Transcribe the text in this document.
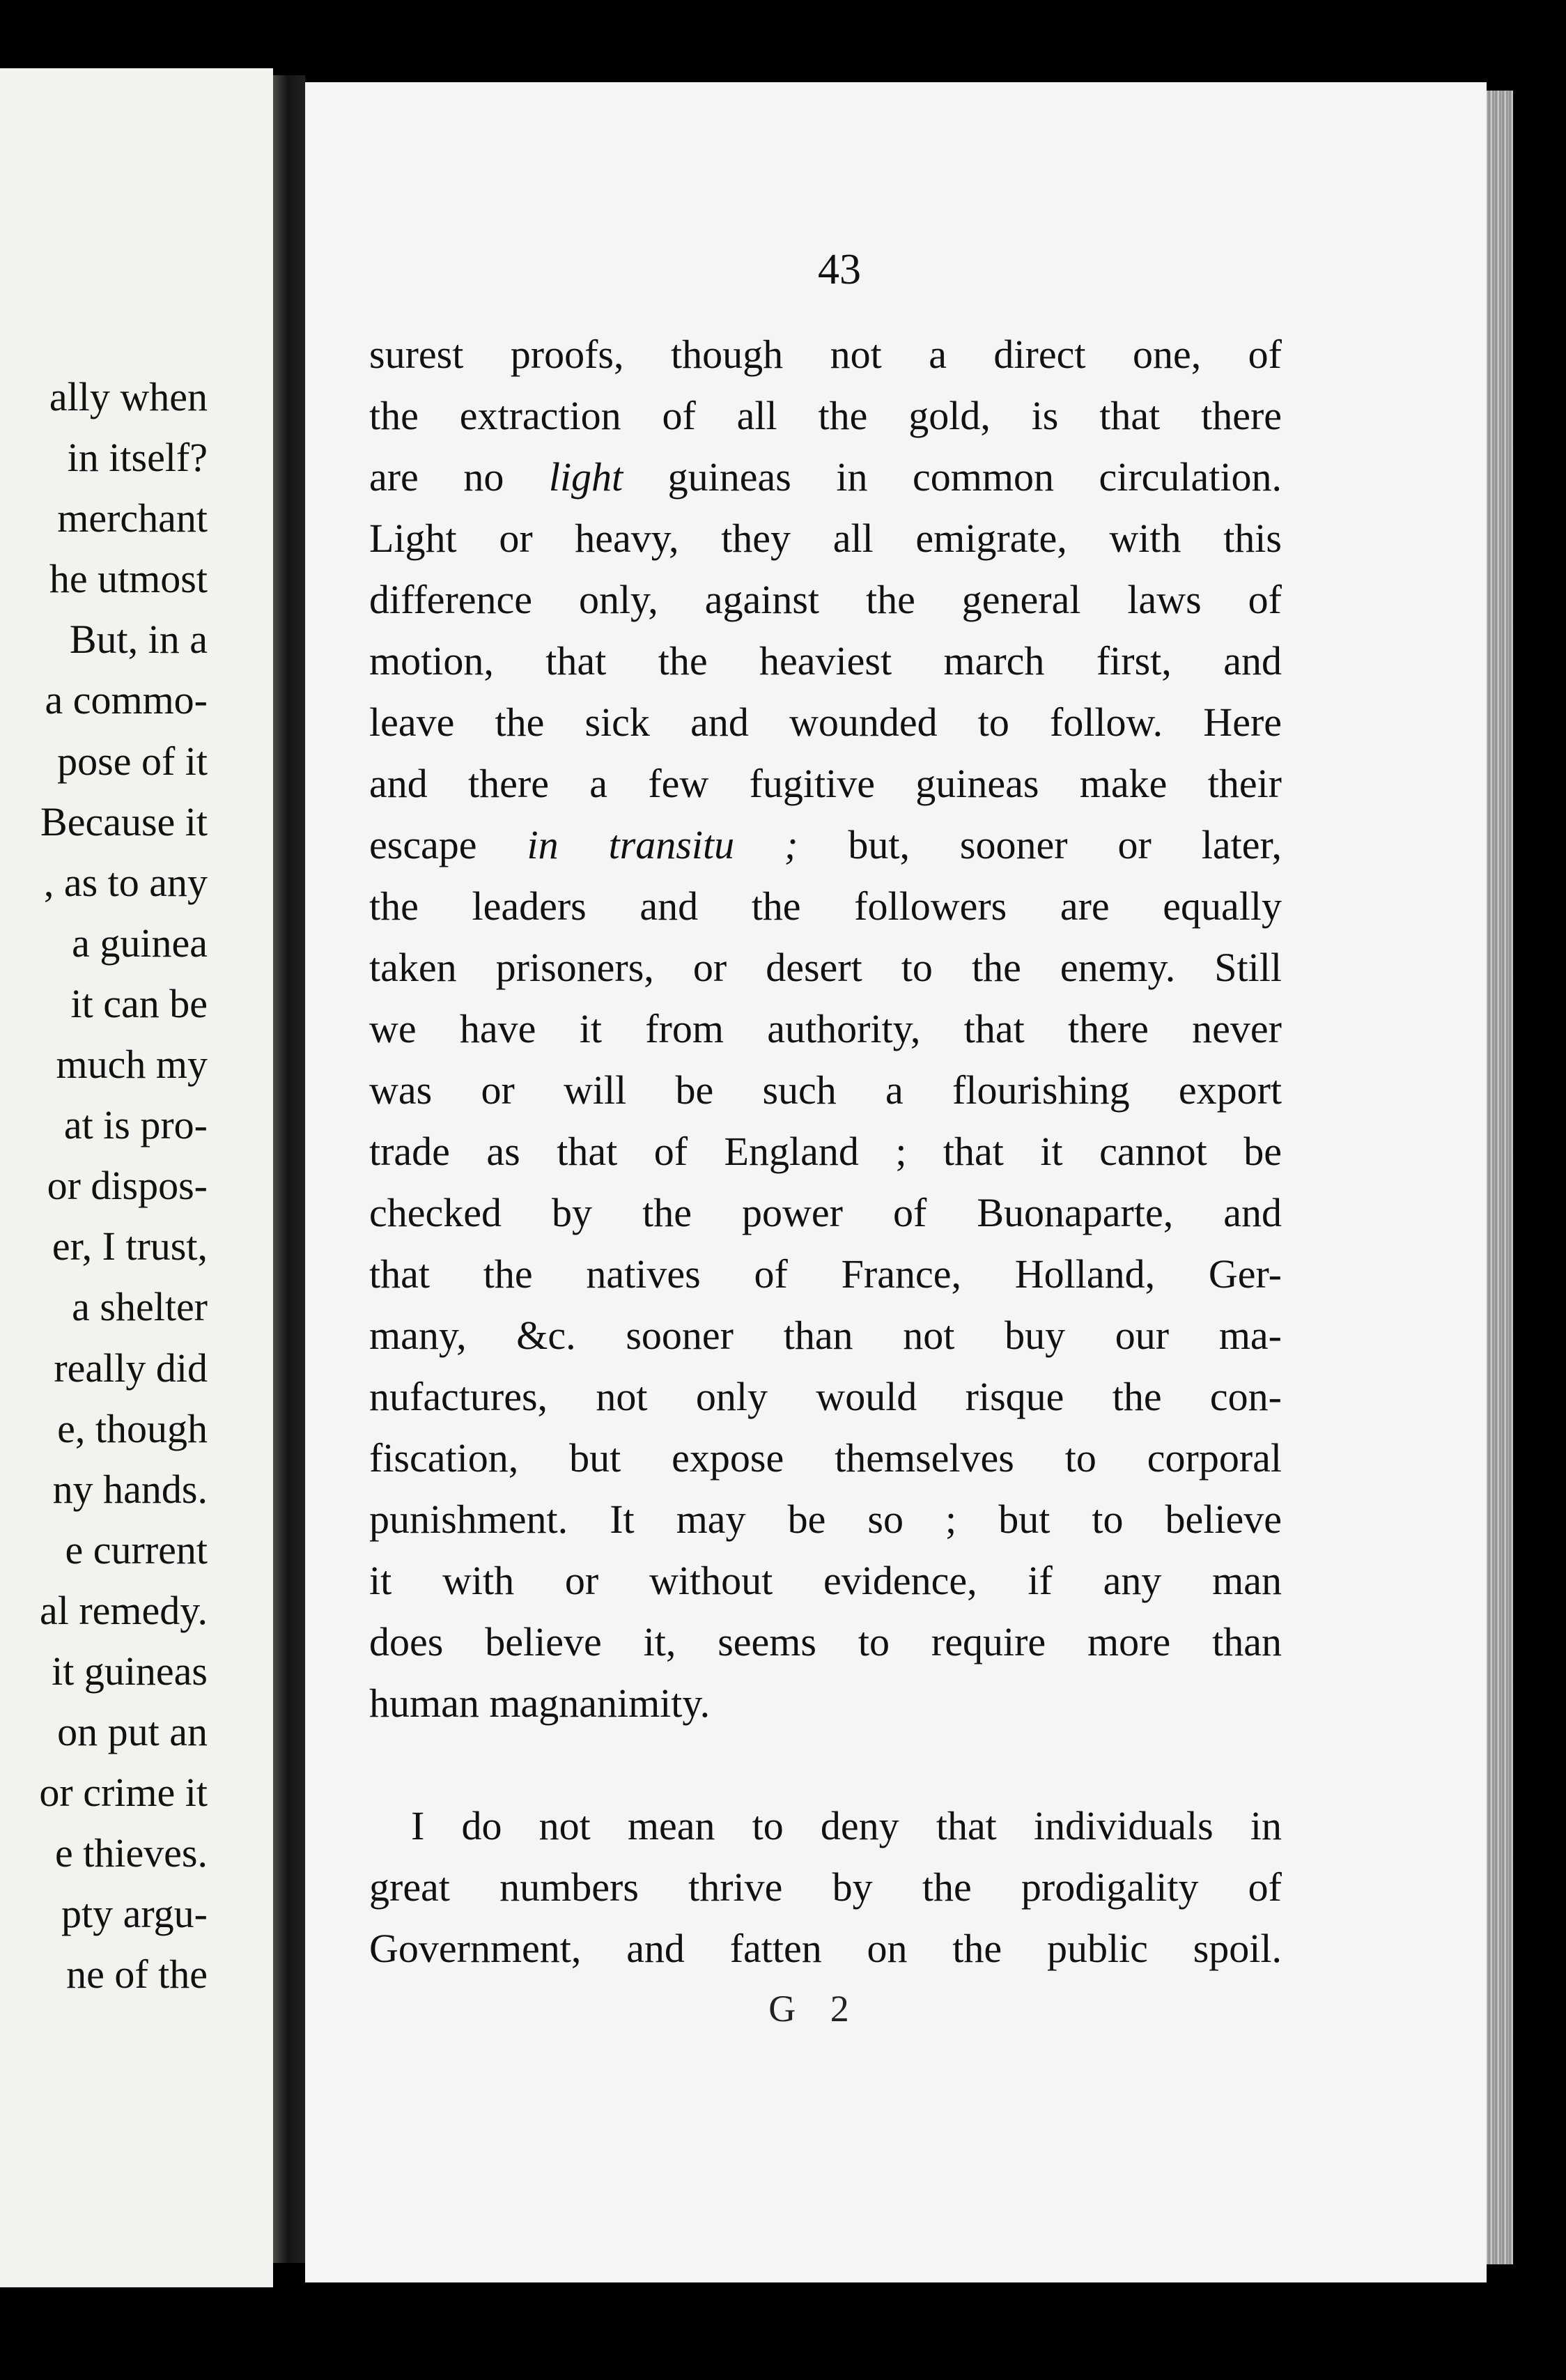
ally when
in itself?
merchant
he utmost
But, in a
a commo-
pose of it
Because it
, as to any
a guinea
it can be
much my
at is pro-
or dispos-
er, I trust,
a shelter
really did
e, though
ny hands.
e current
al remedy.
it guineas
on put an
or crime it
e thieves.
pty argu-
ne of the
43
surest proofs, though not a direct one, of
the extraction of all the gold, is that there
are no light guineas in common circulation.
Light or heavy, they all emigrate, with this
difference only, against the general laws of
motion, that the heaviest march first, and
leave the sick and wounded to follow. Here
and there a few fugitive guineas make their
escape in transitu ; but, sooner or later,
the leaders and the followers are equally
taken prisoners, or desert to the enemy. Still
we have it from authority, that there never
was or will be such a flourishing export
trade as that of England ; that it cannot be
checked by the power of Buonaparte, and
that the natives of France, Holland, Ger-
many, &c. sooner than not buy our ma-
nufactures, not only would risque the con-
fiscation, but expose themselves to corporal
punishment. It may be so ; but to believe
it with or without evidence, if any man
does believe it, seems to require more than
human magnanimity.
I do not mean to deny that individuals in
great numbers thrive by the prodigality of
Government, and fatten on the public spoil.
G 2
